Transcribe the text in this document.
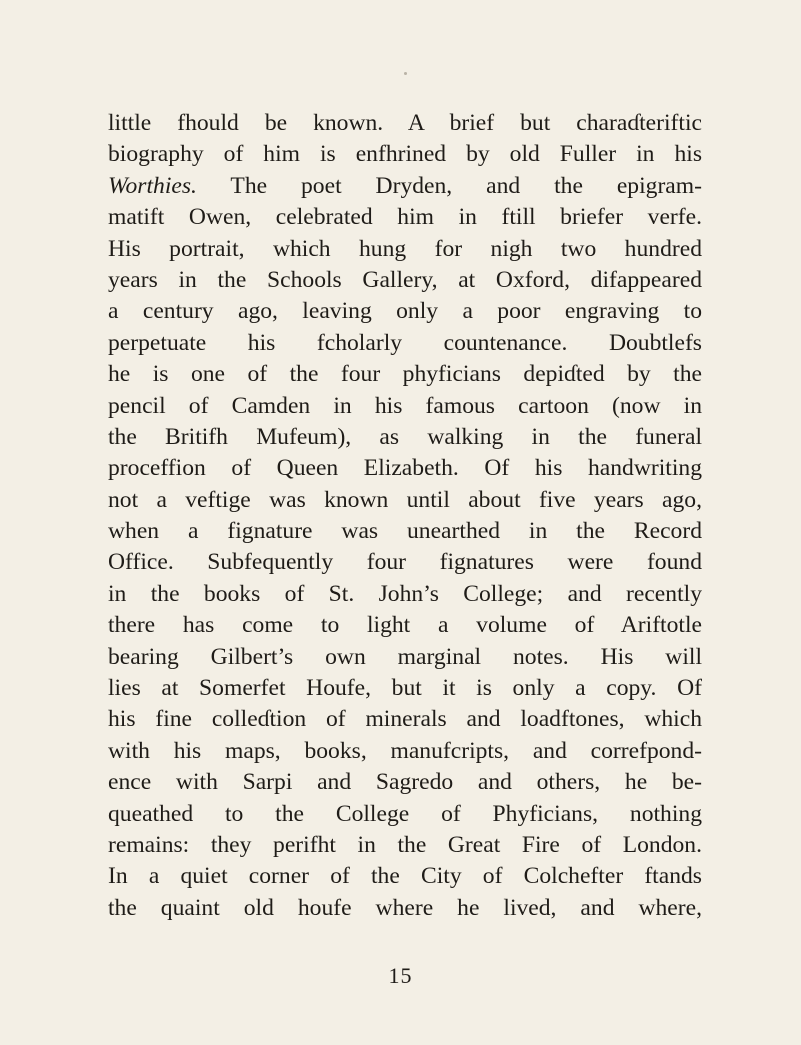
little fhould be known. A brief but charaɗteriftic
biography of him is enfhrined by old Fuller in his
Worthies. The poet Dryden, and the epigram-
matift Owen, celebrated him in ftill briefer verfe.
His portrait, which hung for nigh two hundred
years in the Schools Gallery, at Oxford, difappeared
a century ago, leaving only a poor engraving to
perpetuate his fcholarly countenance. Doubtlefs
he is one of the four phyficians depiɗted by the
pencil of Camden in his famous cartoon (now in
the Britifh Mufeum), as walking in the funeral
proceffion of Queen Elizabeth. Of his handwriting
not a veftige was known until about five years ago,
when a fignature was unearthed in the Record
Office. Subfequently four fignatures were found
in the books of St. John’s College; and recently
there has come to light a volume of Ariftotle
bearing Gilbert’s own marginal notes. His will
lies at Somerfet Houfe, but it is only a copy. Of
his fine colleɗtion of minerals and loadftones, which
with his maps, books, manufcripts, and correfpond-
ence with Sarpi and Sagredo and others, he be-
queathed to the College of Phyficians, nothing
remains: they perifht in the Great Fire of London.
In a quiet corner of the City of Colchefter ftands
the quaint old houfe where he lived, and where,
15
